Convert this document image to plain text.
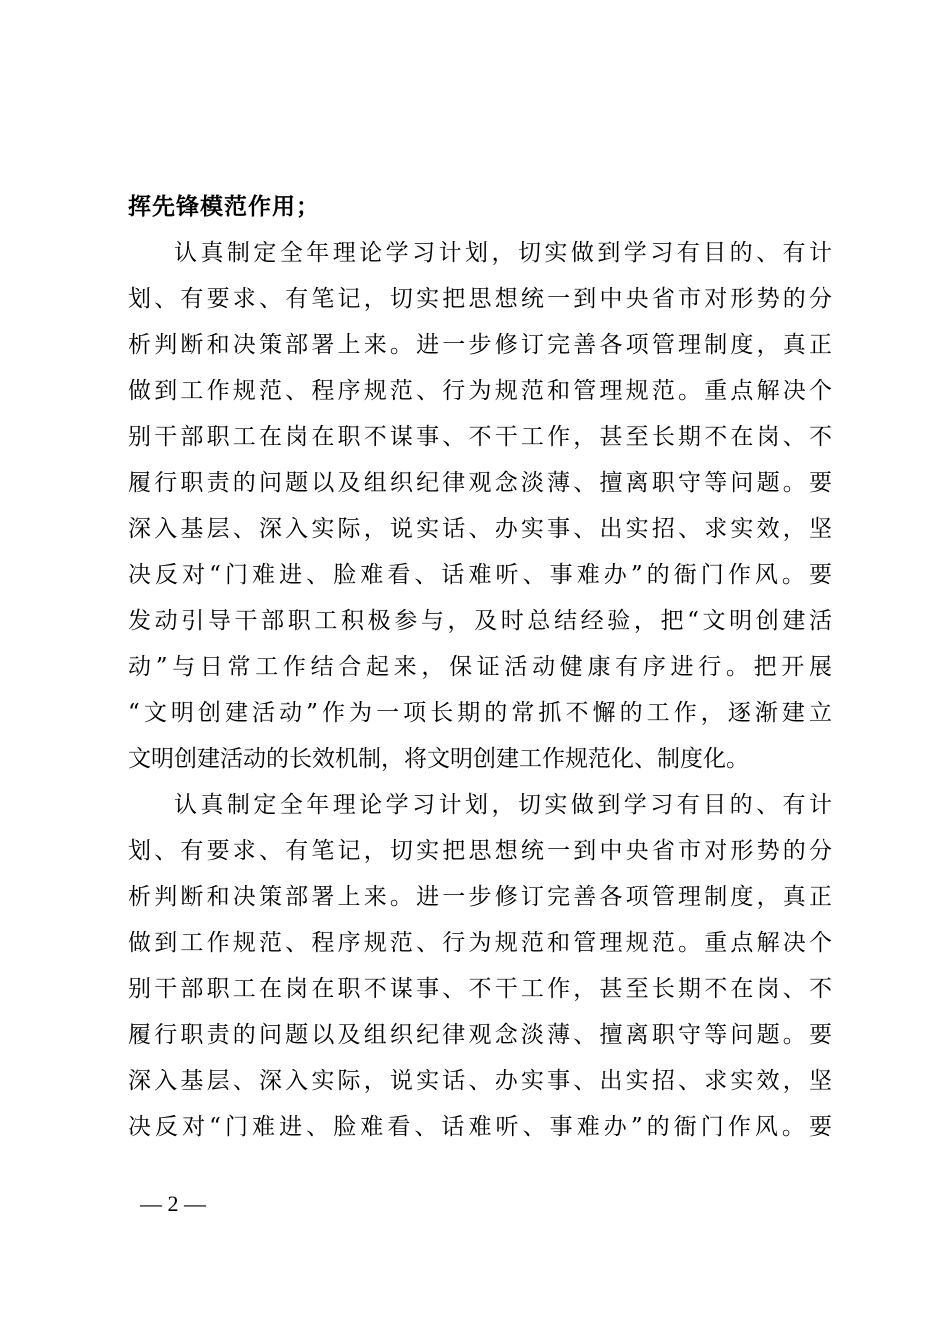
挥先锋模范作用；
认真制定全年理论学习计划，切实做到学习有目的、有计
划、有要求、有笔记，切实把思想统一到中央省市对形势的分
析判断和决策部署上来。进一步修订完善各项管理制度，真正
做到工作规范、程序规范、行为规范和管理规范。重点解决个
别干部职工在岗在职不谋事、不干工作，甚至长期不在岗、不
履行职责的问题以及组织纪律观念淡薄、擅离职守等问题。要
深入基层、深入实际，说实话、办实事、出实招、求实效，坚
决反对“门难进、脸难看、话难听、事难办”的衙门作风。要
发动引导干部职工积极参与，及时总结经验，把“文明创建活
动”与日常工作结合起来，保证活动健康有序进行。把开展
“文明创建活动”作为一项长期的常抓不懈的工作，逐渐建立
文明创建活动的长效机制，将文明创建工作规范化、制度化。
认真制定全年理论学习计划，切实做到学习有目的、有计
划、有要求、有笔记，切实把思想统一到中央省市对形势的分
析判断和决策部署上来。进一步修订完善各项管理制度，真正
做到工作规范、程序规范、行为规范和管理规范。重点解决个
别干部职工在岗在职不谋事、不干工作，甚至长期不在岗、不
履行职责的问题以及组织纪律观念淡薄、擅离职守等问题。要
深入基层、深入实际，说实话、办实事、出实招、求实效，坚
决反对“门难进、脸难看、话难听、事难办”的衙门作风。要
— 2 —
